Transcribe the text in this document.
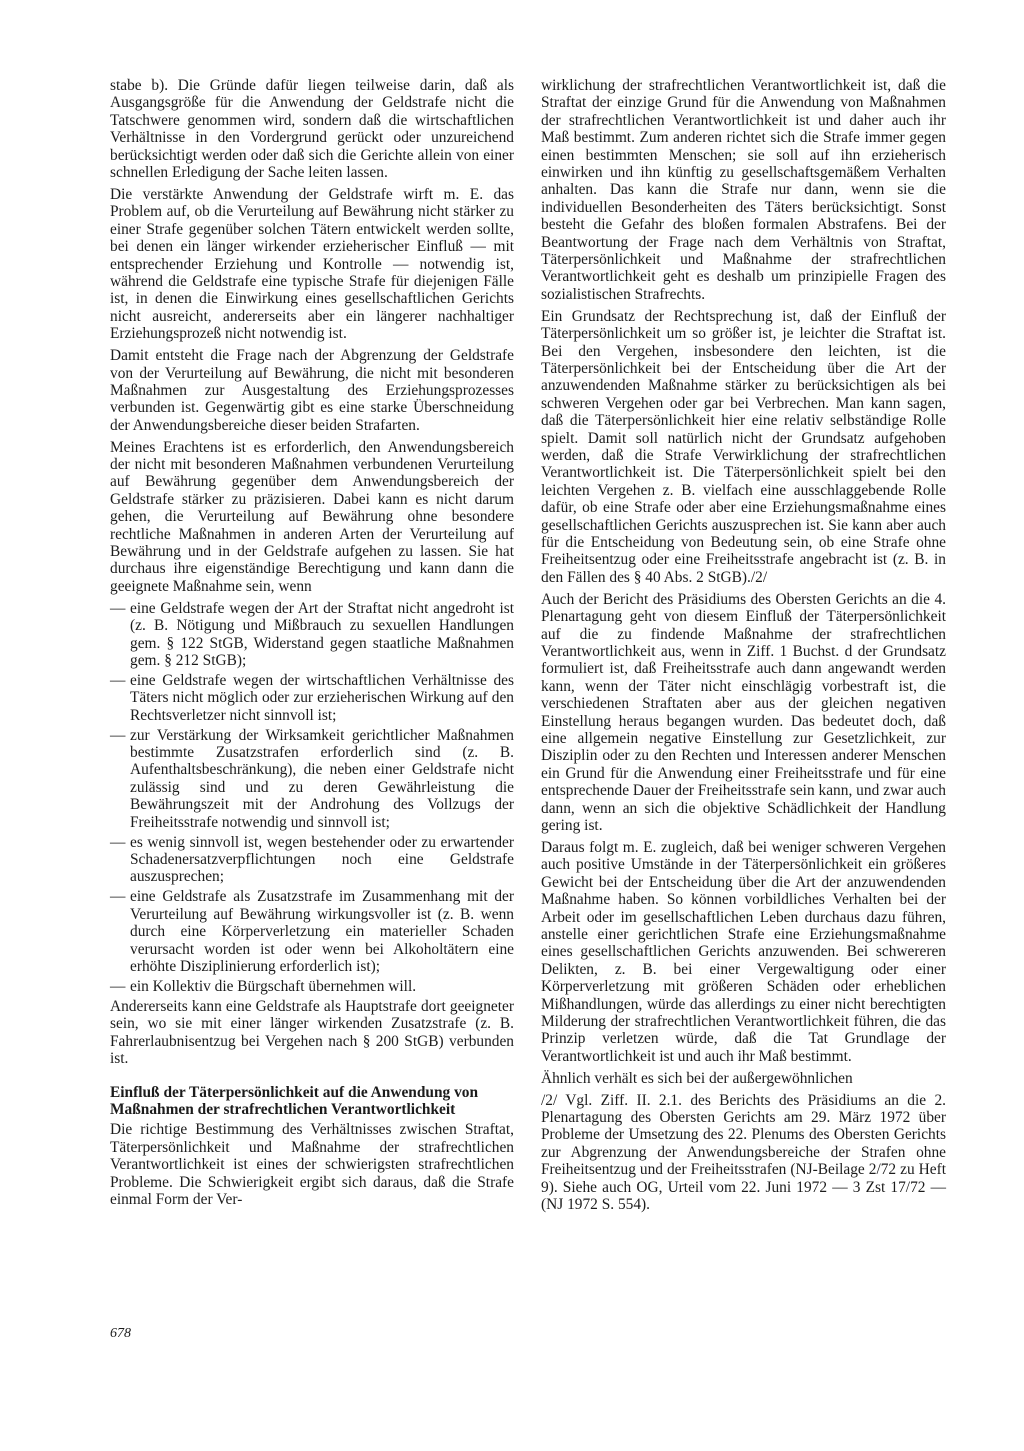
stabe b). Die Gründe dafür liegen teilweise darin, daß als Ausgangsgröße für die Anwendung der Geldstrafe nicht die Tatschwere genommen wird, sondern daß die wirtschaftlichen Verhältnisse in den Vordergrund gerückt oder unzureichend berücksichtigt werden oder daß sich die Gerichte allein von einer schnellen Erledigung der Sache leiten lassen.

Die verstärkte Anwendung der Geldstrafe wirft m. E. das Problem auf, ob die Verurteilung auf Bewährung nicht stärker zu einer Strafe gegenüber solchen Tätern entwickelt werden sollte, bei denen ein länger wirkender erzieherischer Einfluß — mit entsprechender Erziehung und Kontrolle — notwendig ist, während die Geldstrafe eine typische Strafe für diejenigen Fälle ist, in denen die Einwirkung eines gesellschaftlichen Gerichts nicht ausreicht, andererseits aber ein längerer nachhaltiger Erziehungsprozeß nicht notwendig ist.

Damit entsteht die Frage nach der Abgrenzung der Geldstrafe von der Verurteilung auf Bewährung, die nicht mit besonderen Maßnahmen zur Ausgestaltung des Erziehungsprozesses verbunden ist. Gegenwärtig gibt es eine starke Überschneidung der Anwendungsbereiche dieser beiden Strafarten.

Meines Erachtens ist es erforderlich, den Anwendungsbereich der nicht mit besonderen Maßnahmen verbundenen Verurteilung auf Bewährung gegenüber dem Anwendungsbereich der Geldstrafe stärker zu präzisieren. Dabei kann es nicht darum gehen, die Verurteilung auf Bewährung ohne besondere rechtliche Maßnahmen in anderen Arten der Verurteilung auf Bewährung und in der Geldstrafe aufgehen zu lassen. Sie hat durchaus ihre eigenständige Berechtigung und kann dann die geeignete Maßnahme sein, wenn

— eine Geldstrafe wegen der Art der Straftat nicht angedroht ist (z. B. Nötigung und Mißbrauch zu sexuellen Handlungen gem. § 122 StGB, Widerstand gegen staatliche Maßnahmen gem. § 212 StGB);
— eine Geldstrafe wegen der wirtschaftlichen Verhältnisse des Täters nicht möglich oder zur erzieherischen Wirkung auf den Rechtsverletzer nicht sinnvoll ist;
— zur Verstärkung der Wirksamkeit gerichtlicher Maßnahmen bestimmte Zusatzstrafen erforderlich sind (z. B. Aufenthaltsbeschränkung), die neben einer Geldstrafe nicht zulässig sind und zu deren Gewährleistung die Bewährungszeit mit der Androhung des Vollzugs der Freiheitsstrafe notwendig und sinnvoll ist;
— es wenig sinnvoll ist, wegen bestehender oder zu erwartender Schadenersatzverpflichtungen noch eine Geldstrafe auszusprechen;
— eine Geldstrafe als Zusatzstrafe im Zusammenhang mit der Verurteilung auf Bewährung wirkungsvoller ist (z. B. wenn durch eine Körperverletzung ein materieller Schaden verursacht worden ist oder wenn bei Alkoholtätern eine erhöhte Disziplinierung erforderlich ist);
— ein Kollektiv die Bürgschaft übernehmen will.

Andererseits kann eine Geldstrafe als Hauptstrafe dort geeigneter sein, wo sie mit einer länger wirkenden Zusatzstrafe (z. B. Fahrerlaubnisentzug bei Vergehen nach § 200 StGB) verbunden ist.

Einfluß der Täterpersönlichkeit auf die Anwendung von Maßnahmen der strafrechtlichen Verantwortlichkeit

Die richtige Bestimmung des Verhältnisses zwischen Straftat, Täterpersönlichkeit und Maßnahme der strafrechtlichen Verantwortlichkeit ist eines der schwierigsten strafrechtlichen Probleme. Die Schwierigkeit ergibt sich daraus, daß die Strafe einmal Form der Ver-

wirklichung der strafrechtlichen Verantwortlichkeit ist, daß die Straftat der einzige Grund für die Anwendung von Maßnahmen der strafrechtlichen Verantwortlichkeit ist und daher auch ihr Maß bestimmt. Zum anderen richtet sich die Strafe immer gegen einen bestimmten Menschen; sie soll auf ihn erzieherisch einwirken und ihn künftig zu gesellschaftsgemäßem Verhalten anhalten. Das kann die Strafe nur dann, wenn sie die individuellen Besonderheiten des Täters berücksichtigt. Sonst besteht die Gefahr des bloßen formalen Abstrafens. Bei der Beantwortung der Frage nach dem Verhältnis von Straftat, Täterpersönlichkeit und Maßnahme der strafrechtlichen Verantwortlichkeit geht es deshalb um prinzipielle Fragen des sozialistischen Strafrechts.

Ein Grundsatz der Rechtsprechung ist, daß der Einfluß der Täterpersönlichkeit um so größer ist, je leichter die Straftat ist. Bei den Vergehen, insbesondere den leichten, ist die Täterpersönlichkeit bei der Entscheidung über die Art der anzuwendenden Maßnahme stärker zu berücksichtigen als bei schweren Vergehen oder gar bei Verbrechen. Man kann sagen, daß die Täterpersönlichkeit hier eine relativ selbständige Rolle spielt. Damit soll natürlich nicht der Grundsatz aufgehoben werden, daß die Strafe Verwirklichung der strafrechtlichen Verantwortlichkeit ist. Die Täterpersönlichkeit spielt bei den leichten Vergehen z. B. vielfach eine ausschlaggebende Rolle dafür, ob eine Strafe oder aber eine Erziehungsmaßnahme eines gesellschaftlichen Gerichts auszusprechen ist. Sie kann aber auch für die Entscheidung von Bedeutung sein, ob eine Strafe ohne Freiheitsentzug oder eine Freiheitsstrafe angebracht ist (z. B. in den Fällen des § 40 Abs. 2 StGB)./2/

Auch der Bericht des Präsidiums des Obersten Gerichts an die 4. Plenartagung geht von diesem Einfluß der Täterpersönlichkeit auf die zu findende Maßnahme der strafrechtlichen Verantwortlichkeit aus, wenn in Ziff. 1 Buchst. d der Grundsatz formuliert ist, daß Freiheitsstrafe auch dann angewandt werden kann, wenn der Täter nicht einschlägig vorbestraft ist, die verschiedenen Straftaten aber aus der gleichen negativen Einstellung heraus begangen wurden. Das bedeutet doch, daß eine allgemein negative Einstellung zur Gesetzlichkeit, zur Disziplin oder zu den Rechten und Interessen anderer Menschen ein Grund für die Anwendung einer Freiheitsstrafe und für eine entsprechende Dauer der Freiheitsstrafe sein kann, und zwar auch dann, wenn an sich die objektive Schädlichkeit der Handlung gering ist.

Daraus folgt m. E. zugleich, daß bei weniger schweren Vergehen auch positive Umstände in der Täterpersönlichkeit ein größeres Gewicht bei der Entscheidung über die Art der anzuwendenden Maßnahme haben. So können vorbildliches Verhalten bei der Arbeit oder im gesellschaftlichen Leben durchaus dazu führen, anstelle einer gerichtlichen Strafe eine Erziehungsmaßnahme eines gesellschaftlichen Gerichts anzuwenden. Bei schwereren Delikten, z. B. bei einer Vergewaltigung oder einer Körperverletzung mit größeren Schäden oder erheblichen Mißhandlungen, würde das allerdings zu einer nicht berechtigten Milderung der strafrechtlichen Verantwortlichkeit führen, die das Prinzip verletzen würde, daß die Tat Grundlage der Verantwortlichkeit ist und auch ihr Maß bestimmt.

Ähnlich verhält es sich bei der außergewöhnlichen

/2/ Vgl. Ziff. II. 2.1. des Berichts des Präsidiums an die 2. Plenartagung des Obersten Gerichts am 29. März 1972 über Probleme der Umsetzung des 22. Plenums des Obersten Gerichts zur Abgrenzung der Anwendungsbereiche der Strafen ohne Freiheitsentzug und der Freiheitsstrafen (NJ-Beilage 2/72 zu Heft 9). Siehe auch OG, Urteil vom 22. Juni 1972 — 3 Zst 17/72 — (NJ 1972 S. 554).

678
